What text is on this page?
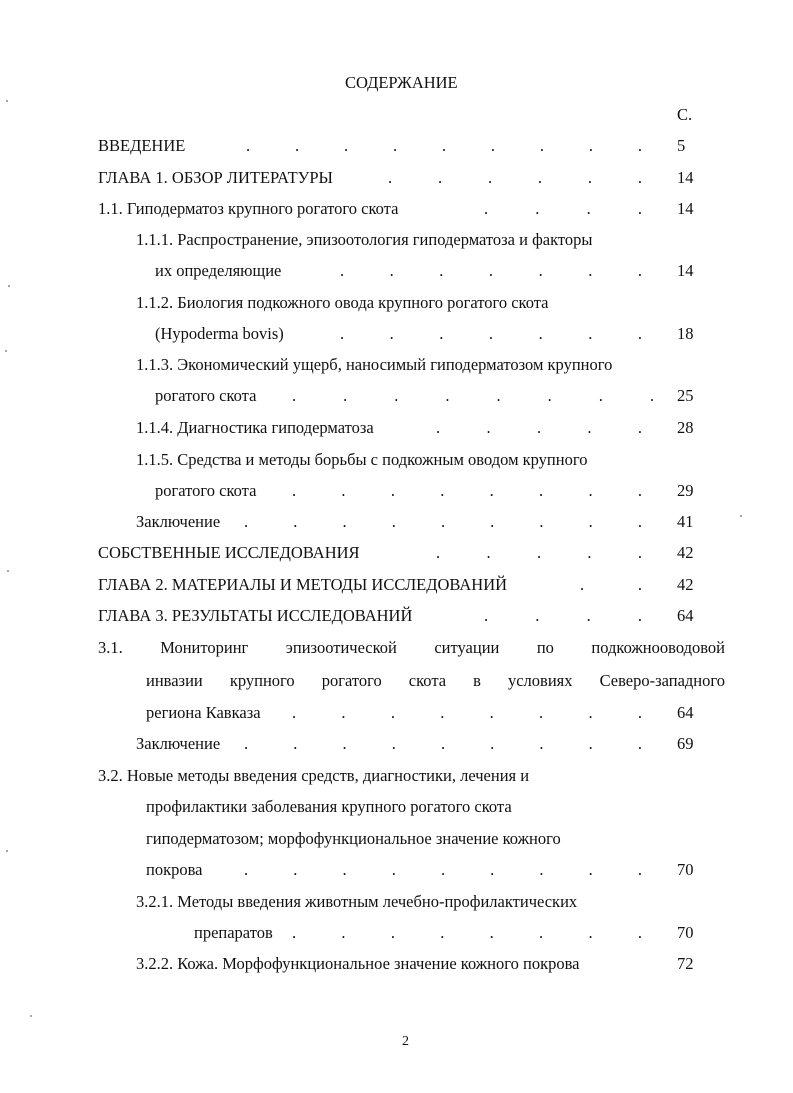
СОДЕРЖАНИЕ
С.
ВВЕДЕНИЕ	.	.	.	.	.	.	.	.	. 5
ГЛАВА 1. ОБЗОР ЛИТЕРАТУРЫ	.	.	.	.	.	. 14
1.1. Гиподерматоз крупного рогатого скота	.	.	.	. 14
1.1.1. Распространение, эпизоотология гиподерматоза и факторы
их определяющие	.	.	.	.	.	.	. 14
1.1.2. Биология подкожного овода крупного рогатого скота
(Hypoderma bovis)	.	.	.	.	.	.	. 18
1.1.3. Экономический ущерб, наносимый гиподерматозом крупного
рогатого скота .	.	.	.	.	.	.	. 25
1.1.4. Диагностика гиподерматоза	.	.	.	.	. 28
1.1.5. Средства и методы борьбы с подкожным оводом крупного
рогатого скота .	.	.	.	.	.	.	. 29
Заключение .	.	.	.	.	.	.	.	. 41
СОБСТВЕННЫЕ ИССЛЕДОВАНИЯ	.	.	.	.	. 42
ГЛАВА 2. МАТЕРИАЛЫ И МЕТОДЫ ИССЛЕДОВАНИЙ	.	. 42
ГЛАВА 3. РЕЗУЛЬТАТЫ ИССЛЕДОВАНИЙ	.	.	.	. 64
3.1. Мониторинг эпизоотической ситуации по подкожнооводовой
инвазии крупного рогатого скота в условиях Северо-западного
региона Кавказа .	.	.	.	.	.	.	. 64
Заключение .	.	.	.	.	.	.	.	. 69
3.2. Новые методы введения средств, диагностики, лечения и
профилактики заболевания крупного рогатого скота
гиподерматозом; морфофункциональное значение кожного
покрова	.	.	.	.	.	.	.	.	. 70
3.2.1. Методы введения животным лечебно-профилактических
препаратов .	.	.	.	.	.	.	. 70
3.2.2. Кожа. Морфофункциональное значение кожного покрова	72
2
